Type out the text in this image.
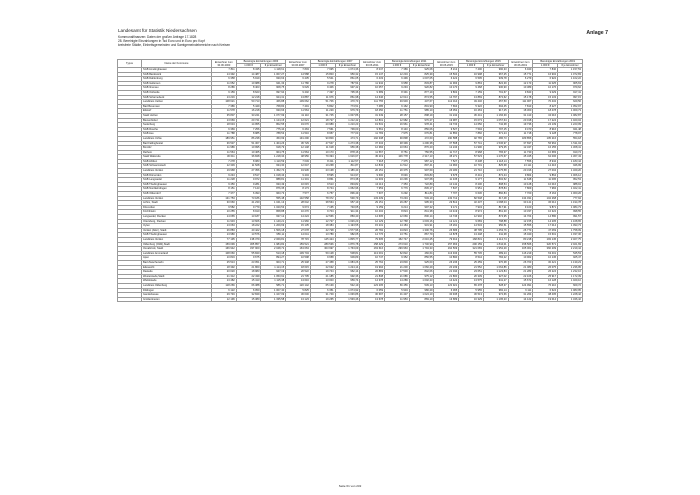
Anlage 7
Landesamt für Statistik Niedersachsen
Kommunalfinanzen: Daten der großen Anfrage 17.1828
28. Bereinigte Einzahlungen in Tsd Euro und in Euro pro Kopf
kreisfreie Städte, Einheitsgemeinden und Samtgemeindebereiche nach Kreisen
Typus	Name der Kommune	Einwohner zum
30.06.2003	Bereinigte Einzahlungen 2003		Einwohner zum
30.06.2007	Bereinigte Einzahlungen 2007		Einwohner zum
30.06.2011	Bereinigte Einzahlungen 2011		Einwohner zum
30.06.2015	Bereinigte Einzahlungen 2015		Einwohner zum
30.06.2019	Bereinigte Einzahlungen 2019	
			1.000 €	€ je Einwohner		1.000 €	€ je Einwohner		1.000 €	€ je Einwohner		1.000 €	€ je Einwohner		1.000 €	€ je Einwohner
	SGB Amelinghausen	7 811	8 435	1 118,61	7 803	7 995	1 074,36	8 047	7 389	925,08	8 212	7 490	990,33	6 940	7 840	1 157,53
	SGB Bardowick	14 392	14 487	1 007,27	14 588	15 803	950,32	15 147	12 204	825,39	15 504	16 998	967,25	15 771	16 902	1 072,83
	SGB Dahlenburg	6 358	5 919	930,63	6 435	5 541	861,05	6 433	6 499	1 007,05	6 422	6 595	939,78	6 279	6 922	1 102,22
	SGB Gellersen	11 652	10 988	941,33	11 780	9 278	787,54	11 942	9 958	833,87	11 993	9 863	822,39	12 173	11 025	905,63
	SGB Ilmenau	8 286	8 403	908,75	9 629	9 406	997,42	10 057	9 294	920,82	10 170	9 468	930,90	10 389	10 176	979,62
	SGB Ostheide	9 159	8 623	997,94	9 402	7 497	795,36	9 689	8 391	877,19	9 802	7 159	791,67	9 843	9 029	917,41
	SGB Scharnebeck	13 216	12 218	924,31	13 887	11 976	861,98	14 646	12 614	874,55	14 797	13 869	872,62	15 178	15 133	997,15
	Landkreis Uelzen	108 621	50 713	466,88	109 662	51 706	470,73	111 755	49 903	437,67	112 014	49 446	457,50	111 907	70 432	629,56
	Bad Bevensen	7 386	5 449	768,84	7 491	5 802	774,51	7 485	6 162	801,90	7 664	5 322	694,45	7 813	8 227	1 052,97
	Ebstorf	11 578	16 218	930,66	11 564	11 229	979,79	18 450	11 751	985,10	18 052	16 463	917,25	18 300	18 478	1 009,73
	Stadt Uelzen	35 807	33 241	1 077,99	41 110	31 745	1 007,86	31 349	28 157	898,19	31 242	36 441	1 166,39	31 413	34 016	1 082,87
	Bienenbüttel	13 669	20 741	1 124,15	12 621	18 727	1 212,42	12 801	12 982	976,27	19 987	15 073	1 057,64	20 018	17 224	1 020,04
	Suderburg	18 634	14 955	802,55	19 070	20 989	1 210,23	19 531	16 961	978,41	19 733	14 650	742,38	19 736	24 139	1 223,09
	SGB Rosche	6 369	7 256	775,44	6 463	7 561	799,00	9 561	8 140	856,06	9 527	7 594	797,15	9 470	8 916	941,48
	SGB Aue	11 788	8 985	788,53	11 516	8 957	777,03	11 783	7 975	676,81	11 850	7 860	671,24	11 718	9 128	778,97
	Landkreis Uchte	189 951	86 238	453,99	191 290	90 809	474,71	192 338	90 898	472,60	190 588	92 765	486,73	189 856	105 216	554,18
	Bad Fallingbostel	36 537	51 307	1 404,26	36 729	47 547	1 273,38	37 334	48 399	1 296,38	37 568	57 741	1 536,97	37 697	56 962	1 511,04
	Bomlitz	11 986	10 995	918,79	12 148	11 618	956,38	12 384	10 664	876,20	12 243	11 990	979,35	12 347	16 155	1 308,41
	Rethem	11 564	10 465	904,75	11 564	10 173	878,16	11 567	8 751	756,55	11 717	8 968	765,37	11 730	10 683	910,74
	Stadt Walsrode	30 011	36 848	1 218,34	48 956	79 394	1 616,67	45 219	106 778	2 317,13	45 271	57 523	1 270,67	45 345	62 006	1 367,43
	SGB Ahlden	7 278	8 083	1 110,59	7 049	8 211	1 112,57	7 318	7 375	987,12	7 527	8 438	1 118,14	7 556	8 942	1 183,44
	SGB Schwarmstedt	12 339	11 528	934,30	12 647	10 268	811,87	12 843	11 512	897,41	12 960	10 701	825,68	13 111	12 416	946,99
	Landkreis Verden	19 968	27 356	1 452,74	19 936	23 138	1 186,43	20 151	20 375	997,69	20 180	21 710	1 075,58	20 316	27 004	1 329,20
	SGB Dörverden	9 243	9 517	1 018,43	9 404	8 595	914,97	9 600	8 046	833,83	9 675	8 441	872,44	9 804	9 864	1 006,12
	SGB Langwedel	11 228	9 972	888,81	11 301	9 861	874,38	11 303	10 296	907,68	11 435	9 177	802,52	11 648	11 095	952,53
	SGB Thedinghausen	9 450	9 281	933,49	10 015	9 513	894,82	10 113	7 353	722,89	10 142	8 200	808,54	10 128	10 016	988,91
	SGB Nordkehdingen	8 151	7 143	876,35	8 173	8 744	1 052,96	7 953	6 779	845,17	7 847	6 951	878,84	7 809	7 984	1 022,41
	SGB Oldendorf	7 377	6 393	963,73	7 577	6 757	896,49	7 607	6 292	811,84	7 707	6 630	860,84	7 700	8 164	1 060,26
	Landkreis Verden	131 753	73 186	555,48	132 558	78 372	590,79	133 439	73 294	549,19	133 712	82 548	617,48	134 031	104 268	777,94
	Achim, Stadt	30 660	41 230	1 041,13	28 642	38 564	957,19	29 151	29 287	995,30	29 812	32 437	1 088,04	30 141	36 012	1 194,78
	Dörverden	9 582	9 779	1 020,53	9 674	7 165	740,65	9 159	9 214	997,32	9 171	7 943	817,91	9 100	9 871	1 084,73
	Kirchlinteln	10 255	8 910	868,88	10 270	9 704	911,34	10 402	8 824	841,38	10 419	8 974	861,30	10 337	10 322	998,55
	Langwedel, Flecken	14 065	13 187	937,12	14 224	12 566	883,40	14 605	12 069	800,14	14 746	12 902	874,95	14 704	14 580	991,57
	Ottersberg, Flecken	11 933	13 606	1 140,21	11 966	12 727	1 026,23	12 129	12 768	1 003,16	12 121	9 683	798,88	12 155	14 205	1 168,65
	Oyten	13 063	18 222	1 209,69	15 135	18 384	1 193,55	15 231	14 184	931,91	15 291	14 534	950,51	15 556	17 014	1 093,73
	Verden (Aller), Stadt	26 883	40 422	1 506,18	27 078	42 728	1 577,96	26 782	34 823	1 300,76	26 686	38 795	1 453,76	26 773	47 069	1 758,09
	SGB Thedinghausen	13 980	13 576	956,11	14 041	13 789	982,05	14 776	13 751	867,79	14 878	13 448	911,38	15 040	15 601	1 037,30
	Landkreis Verden	77 195	138 379	2 069,81	78 715	145 424	1 805,77	79 605	152 747	2 016,25	79 912	168 831	2 112,74	80 218	193 145	2 407,75
	Oldenburg (Oldb),Stadt	159 099	305 857	1 984,82	159 521	289 536	1 876,78	158 429	273 610	1 746,99	157 963	290 159	1 844,01	158 566	320 571	2 021,69
	Osnabrück, Stadt	166 942	337 900	2 048,72	163 663	303 997	1 763,09	163 616	299 963	1 794,33	164 509	321 083	1 952,29	165 001	366 209	2 219,44
	Landkreis Ammerland	108 060	55 840	513,18	109 704	59 128	538,81	113 001	62 822	466,64	113 943	55 745	489,24	116 219	63 401	545,53
	Apen	10 819	9 675	894,27	10 598	9 658	909,89	10 747	9 352	856,55	10 890	8 544	784,22	10 962	10 145	925,47
	Bad Zwischenahn	25 513	23 051	903,71	25 348	27 458	1 083,26	25 762	23 830	925,00	26 236	25 459	970,38	26 703	30 421	1 139,23
	Edewecht	18 392	21 860	1 114,15	18 615	22 632	1 224,14	19 994	21 200	1 060,29	20 239	21 552	1 064,86	21 080	26 075	1 236,95
	Rastede	20 020	18 983	947,19	20 522	19 744	962,14	20 883	17 530	842,06	21 044	23 651	1 123,84	21 283	26 224	1 232,16
	Westerstede,Stadt	21 312	22 439	1 053,91	21 705	21 185	992,36	21 838	21 086	975,12	21 800	20 339	927,02	22 106	25 917	1 172,39
	Wiefelstede	13 482	15 413	1 115,38	13 616	13 003	959,74	14 378	14 289	1 002,23	14 422	13 575	941,27	15 672	16 128	1 029,10
	Landkreis Oldenburg	118 266	66 388	586,71	120 142	65 139	542,19	123 205	66 456	539,13	123 921	65 478	528,37	124 991	76 210	609,72
	Dötlingen	6 122	6 050	1 007,40	5 825	6 351	1 074,92	6 059	5 904	980,29	6 065	5 955	982,14	6 111	6 624	1 083,95
	Ganderkesee	29 749	32 849	1 107,09	30 046	31 749	1 036,86	30 697	31 437	1 024,10	30 945	30 513	972,66	31 264	38 405	1 228,42
	Großenkneten	12 196	15 380	1 335,58	13 123	19 265	1 539,46	13 678	11 953	869,10	13 689	16 329	1 195,23	14 122	19 014	1 346,42
Seite 61 von 232
